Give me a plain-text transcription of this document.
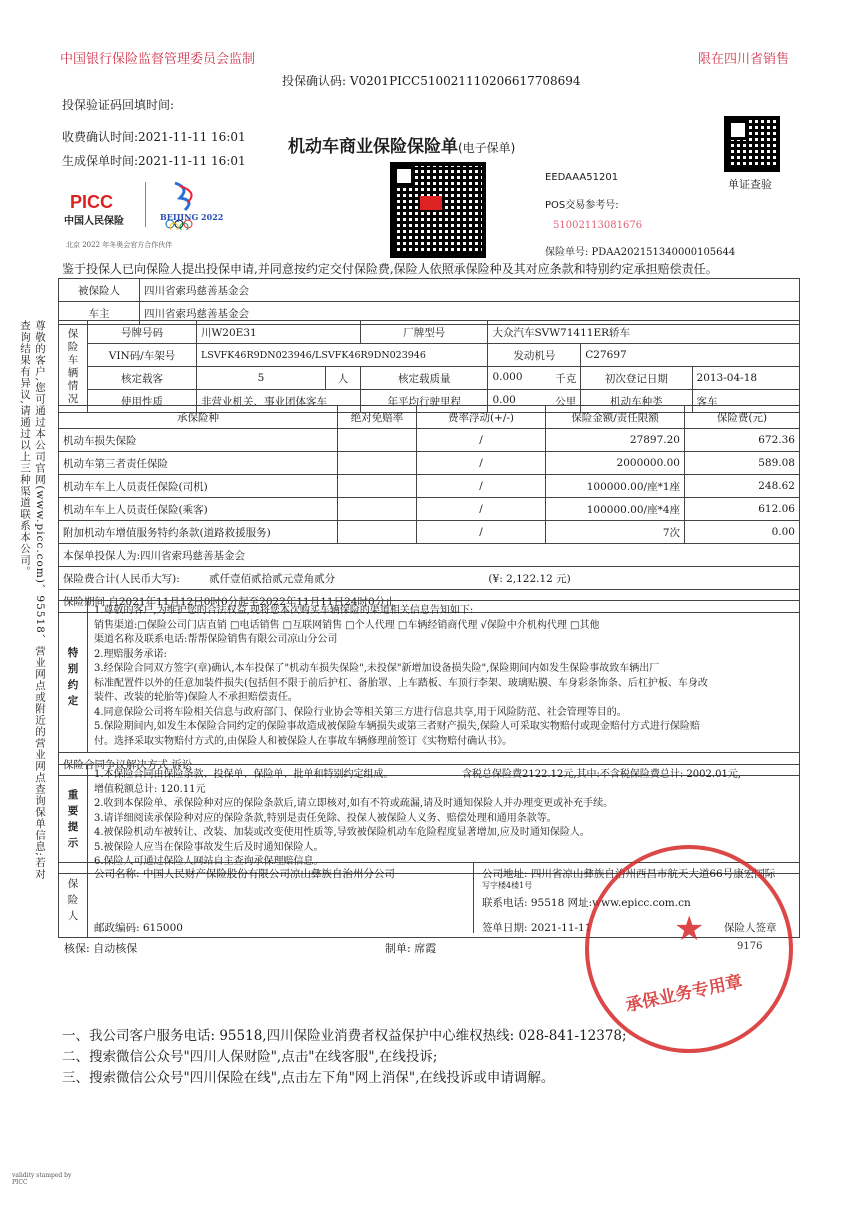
中国银行保险监督管理委员会监制	限在四川省销售
投保确认码: V0201PICC510021110206617708694
投保验证码回填时间:
收费确认时间:2021-11-11 16:01
生成保单时间:2021-11-11 16:01
机动车商业保险保险单(电子保单)
PICC
中国人民保险	BEIJING 2022
北京 2022 年冬奥会官方合作伙伴
单证查验
EEDAAA51201
POS交易参考号:
51002113081676
保险单号: PDAA202151340000105644
鉴于投保人已向保险人提出投保申请,并同意按约定交付保险费,保险人依照承保险种及其对应条款和特别约定承担赔偿责任。
被保险人	四川省索玛慈善基金会
车主	四川省索玛慈善基金会
保险车辆情况	号牌号码	川W20E31		厂牌型号	大众汽车SVW71411ER轿车		
	VIN码/车架号	LSVFK46R9DN023946/LSVFK46R9DN023946			发动机号	C27697	
	核定载客	5	人	核定载质量	0.000 千克	初次登记日期	2013-04-18
	使用性质	非营业机关、事业团体客车		年平均行驶里程	0.00 公里	机动车种类	客车
承保险种	绝对免赔率	费率浮动(+/-)	保险金额/责任限额	保险费(元)
机动车损失保险		/	27897.20	672.36
机动车第三者责任保险		/	2000000.00	589.08
机动车车上人员责任保险(司机)		/	100000.00/座*1座	248.62
机动车车上人员责任保险(乘客)		/	100000.00/座*4座	612.06
附加机动车增值服务特约条款(道路救援服务)		/	7次	0.00
本保单投保人为:四川省索玛慈善基金会				
保险费合计(人民币大写): 贰仟壹佰贰拾贰元壹角贰分 (¥: 2,122.12 元)				
保险期间 自2021年11月12日0时0分起至2022年11月11日24时0分止				
特别约定	
1.尊敬的客户,为维护您的合法权益,现将您本次购买车辆保险的渠道相关信息告知如下:
销售渠道:□保险公司门店直销 □电话销售 □互联网销售 □个人代理 □车辆经销商代理 √保险中介机构代理 □其他
渠道名称及联系电话:帮帮保险销售有限公司凉山分公司
2.理赔服务承诺:
3.经保险合同双方签字(章)确认,本车投保了"机动车损失保险",未投保"新增加设备损失险",保险期间内如发生保险事故致车辆出厂
标准配置件以外的任意加装件损失(包括但不限于前后护杠、备胎罩、上车踏板、车顶行李架、玻璃贴膜、车身彩条饰条、后杠护板、车身改
装件、改装的轮胎等)保险人不承担赔偿责任。
4.同意保险公司将车险相关信息与政府部门、保险行业协会等相关第三方进行信息共享,用于风险防范、社会管理等目的。
5.保险期间内,如发生本保险合同约定的保险事故造成被保险车辆损失或第三者财产损失,保险人可采取实物赔付或现金赔付方式进行保险赔
付。选择采取实物赔付方式的,由保险人和被保险人在事故车辆修理前签订《实物赔付确认书》。

保险合同争议解决方式 诉讼
重要提示	
1.本保险合同由保险条款、投保单、保险单、批单和特别约定组成。	含税总保险费2122.12元,其中:不含税保险费总计: 2002.01元,
增值税额总计: 120.11元
2.收到本保险单、承保险种对应的保险条款后,请立即核对,如有不符或疏漏,请及时通知保险人并办理变更或补充手续。
3.请详细阅读承保险种对应的保险条款,特别是责任免除、投保人被保险人义务、赔偿处理和通用条款等。
4.被保险机动车被转让、改装、加装或改变使用性质等,导致被保险机动车危险程度显著增加,应及时通知保险人。
5.被保险人应当在保险事故发生后及时通知保险人。
6.保险人可通过保险人网站自主查询承保理赔信息。
保险人	
公司名称: 中国人民财产保险股份有限公司凉山彝族自治州分公司
邮政编码: 615000
公司地址: 四川省凉山彝族自治州西昌市航天大道66号康宏国际
写字楼4楼1号
联系电话: 95518 网址:www.epicc.com.cn
签单日期: 2021-11-11	保险人签章
核保: 自动核保	制单: 席霞	★
承保业务专用章
9176
尊敬的客户,您可通过本公司官网(www.picc.com)、95518、营业网点或附近的营业网点查询保单信息;若对查询结果有异议,请通过以上三种渠道联系本公司。
一、我公司客户服务电话: 95518,四川保险业消费者权益保护中心维权热线: 028-841-12378;
二、搜索微信公众号"四川人保财险",点击"在线客服",在线投诉;
三、搜索微信公众号"四川保险在线",点击左下角"网上消保",在线投诉或申请调解。
validity stamped by PICC
